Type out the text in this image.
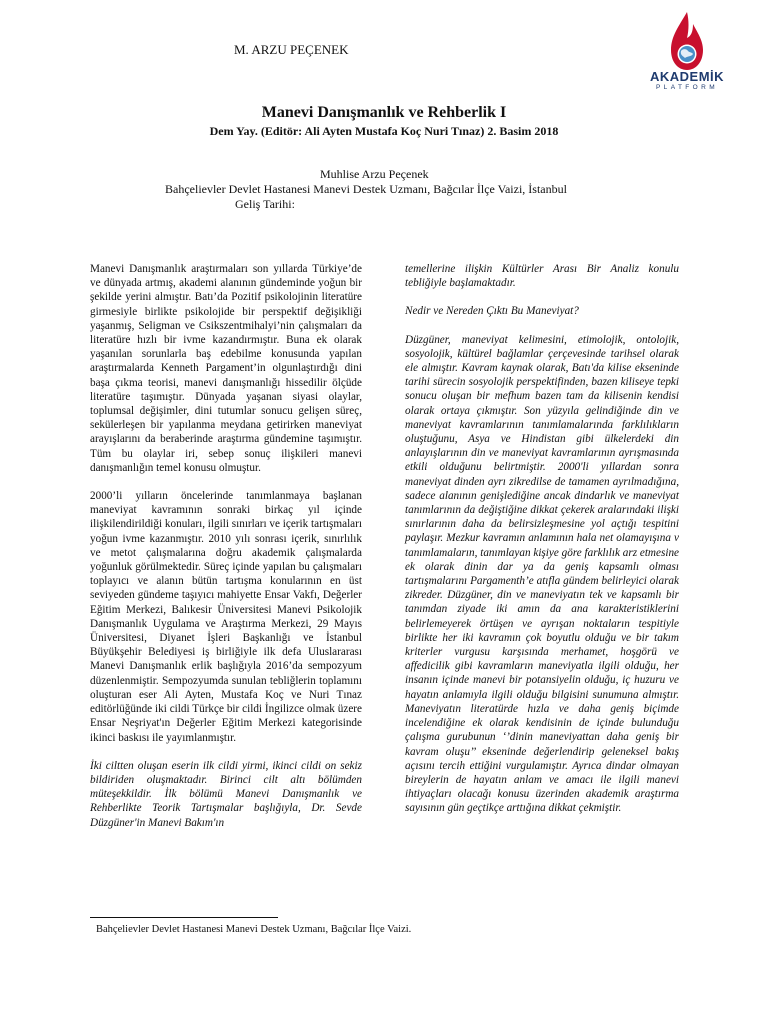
M. ARZU PEÇENEK
AKADEMİK
PLATFORM
Manevi Danışmanlık ve Rehberlik I
Dem Yay. (Editör: Ali Ayten Mustafa Koç Nuri Tınaz) 2. Basim 2018
Muhlise Arzu Peçenek
Bahçelievler Devlet Hastanesi Manevi Destek Uzmanı, Bağcılar İlçe Vaizi, İstanbul
Geliş Tarihi:

Manevi Danışmanlık araştırmaları son yıllarda Türkiye’de ve dünyada artmış, akademi alanının gündeminde yoğun bir şekilde yerini almıştır. Batı’da Pozitif psikolojinin literatüre girmesiyle birlikte psikolojide bir perspektif değişikliği yaşanmış, Seligman ve Csikszentmihalyi’nin çalışmaları da literatüre hızlı bir ivme kazandırmıştır. Buna ek olarak yaşanılan sorunlarla baş edebilme konusunda yapılan araştırmalarda Kenneth Pargament’in olgunlaştırdığı dini başa çıkma teorisi, manevi danışmanlığı hissedilir ölçüde literatüre taşımıştır. Dünyada yaşanan siyasi olaylar, toplumsal değişimler, dini tutumlar sonucu gelişen süreç, sekülerleşen bir yapılanma meydana getirirken maneviyat arayışlarını da beraberinde araştırma gündemine taşımıştır. Tüm bu olaylar iri, sebep sonuç ilişkileri manevi danışmanlığın temel konusu olmuştur.

2000’li yılların öncelerinde tanımlanmaya başlanan maneviyat kavramının sonraki birkaç yıl içinde ilişkilendirildiği konuları, ilgili sınırları ve içerik tartışmaları yoğun ivme kazanmıştır. 2010 yılı sonrası içerik, sınırlılık ve metot çalışmalarına doğru akademik çalışmalarda yoğunluk görülmektedir. Süreç içinde yapılan bu çalışmaları toplayıcı ve alanın bütün tartışma konularının en üst seviyeden gündeme taşıyıcı mahiyette Ensar Vakfı, Değerler Eğitim Merkezi, Balıkesir Üniversitesi Manevi Psikolojik Danışmanlık Uygulama ve Araştırma Merkezi, 29 Mayıs Üniversitesi, Diyanet İşleri Başkanlığı ve İstanbul Büyükşehir Belediyesi iş birliğiyle ilk defa Uluslararası Manevi Danışmanlık erlik başlığıyla 2016’da sempozyum düzenlenmiştir. Sempozyumda sunulan tebliğlerin toplamını oluşturan eser Ali Ayten, Mustafa Koç ve Nuri Tınaz editörlüğünde iki cildi Türkçe bir cildi İngilizce olmak üzere Ensar Neşriyat'ın Değerler Eğitim Merkezi kategorisinde ikinci baskısı ile yayımlanmıştır.

İki ciltten oluşan eserin ilk cildi yirmi, ikinci cildi on sekiz bildiriden oluşmaktadır. Birinci cilt altı bölümden müteşekkildir. İlk bölümü Manevi Danışmanlık ve Rehberlikte Teorik Tartışmalar başlığıyla, Dr. Sevde Düzgüner'in Manevi Bakım'ın

temellerine ilişkin Kültürler Arası Bir Analiz konulu tebliğiyle başlamaktadır.

Nedir ve Nereden Çıktı Bu Maneviyat?

Düzgüner, maneviyat kelimesini, etimolojik, ontolojik, sosyolojik, kültürel bağlamlar çerçevesinde tarihsel olarak ele almıştır. Kavram kaynak olarak, Batı'da kilise ekseninde tarihi sürecin sosyolojik perspektifinden, bazen kiliseye tepki sonucu oluşan bir mefhum bazen tam da kilisenin kendisi olarak ortaya çıkmıştır. Son yüzyıla gelindiğinde din ve maneviyat kavramlarının tanımlamalarında farklılıkların oluştuğunu, Asya ve Hindistan gibi ülkelerdeki din anlayışlarının din ve maneviyat kavramlarının ayrışmasında etkili olduğunu belirtmiştir. 2000'li yıllardan sonra maneviyat dinden ayrı zikredilse de tamamen ayrılmadığına, sadece alanının genişlediğine ancak dindarlık ve maneviyat tanımlarının da değiştiğine dikkat çekerek aralarındaki ilişki sınırlarının daha da belirsizleşmesine yol açtığı tespitini paylaşır. Mezkur kavramın anlamının hala net olamayışına v tanımlamaların, tanımlayan kişiye göre farklılık arz etmesine ek olarak dinin dar ya da geniş kapsamlı olması tartışmalarını Pargamenth’e atıfla gündem belirleyici olarak zikreder. Düzgüner, din ve maneviyatın tek ve kapsamlı bir tanımdan ziyade iki amın da ana karakteristiklerini belirlemeyerek örtüşen ve ayrışan noktaların tespitiyle birlikte her iki kavramın çok boyutlu olduğu ve bir takım kriterler vurgusu karşısında merhamet, hoşgörü ve affedicilik gibi kavramların maneviyatla ilgili olduğu, her insanın içinde manevi bir potansiyelin olduğu, iç huzuru ve hayatın anlamıyla ilgili olduğu bilgisini sunumuna almıştır. Maneviyatın literatürde hızla ve daha geniş biçimde incelendiğine ek olarak kendisinin de içinde bulunduğu çalışma gurubunun ‘’dinin maneviyattan daha geniş bir kavram oluşu’’ ekseninde değerlendirip geleneksel bakış açısını tercih ettiğini vurgulamıştır. Ayrıca dindar olmayan bireylerin de hayatın anlam ve amacı ile ilgili manevi ihtiyaçları olacağı konusu üzerinden akademik araştırma sayısının gün geçtikçe arttığına dikkat çekmiştir.

Bahçelievler Devlet Hastanesi Manevi Destek Uzmanı, Bağcılar İlçe Vaizi.
